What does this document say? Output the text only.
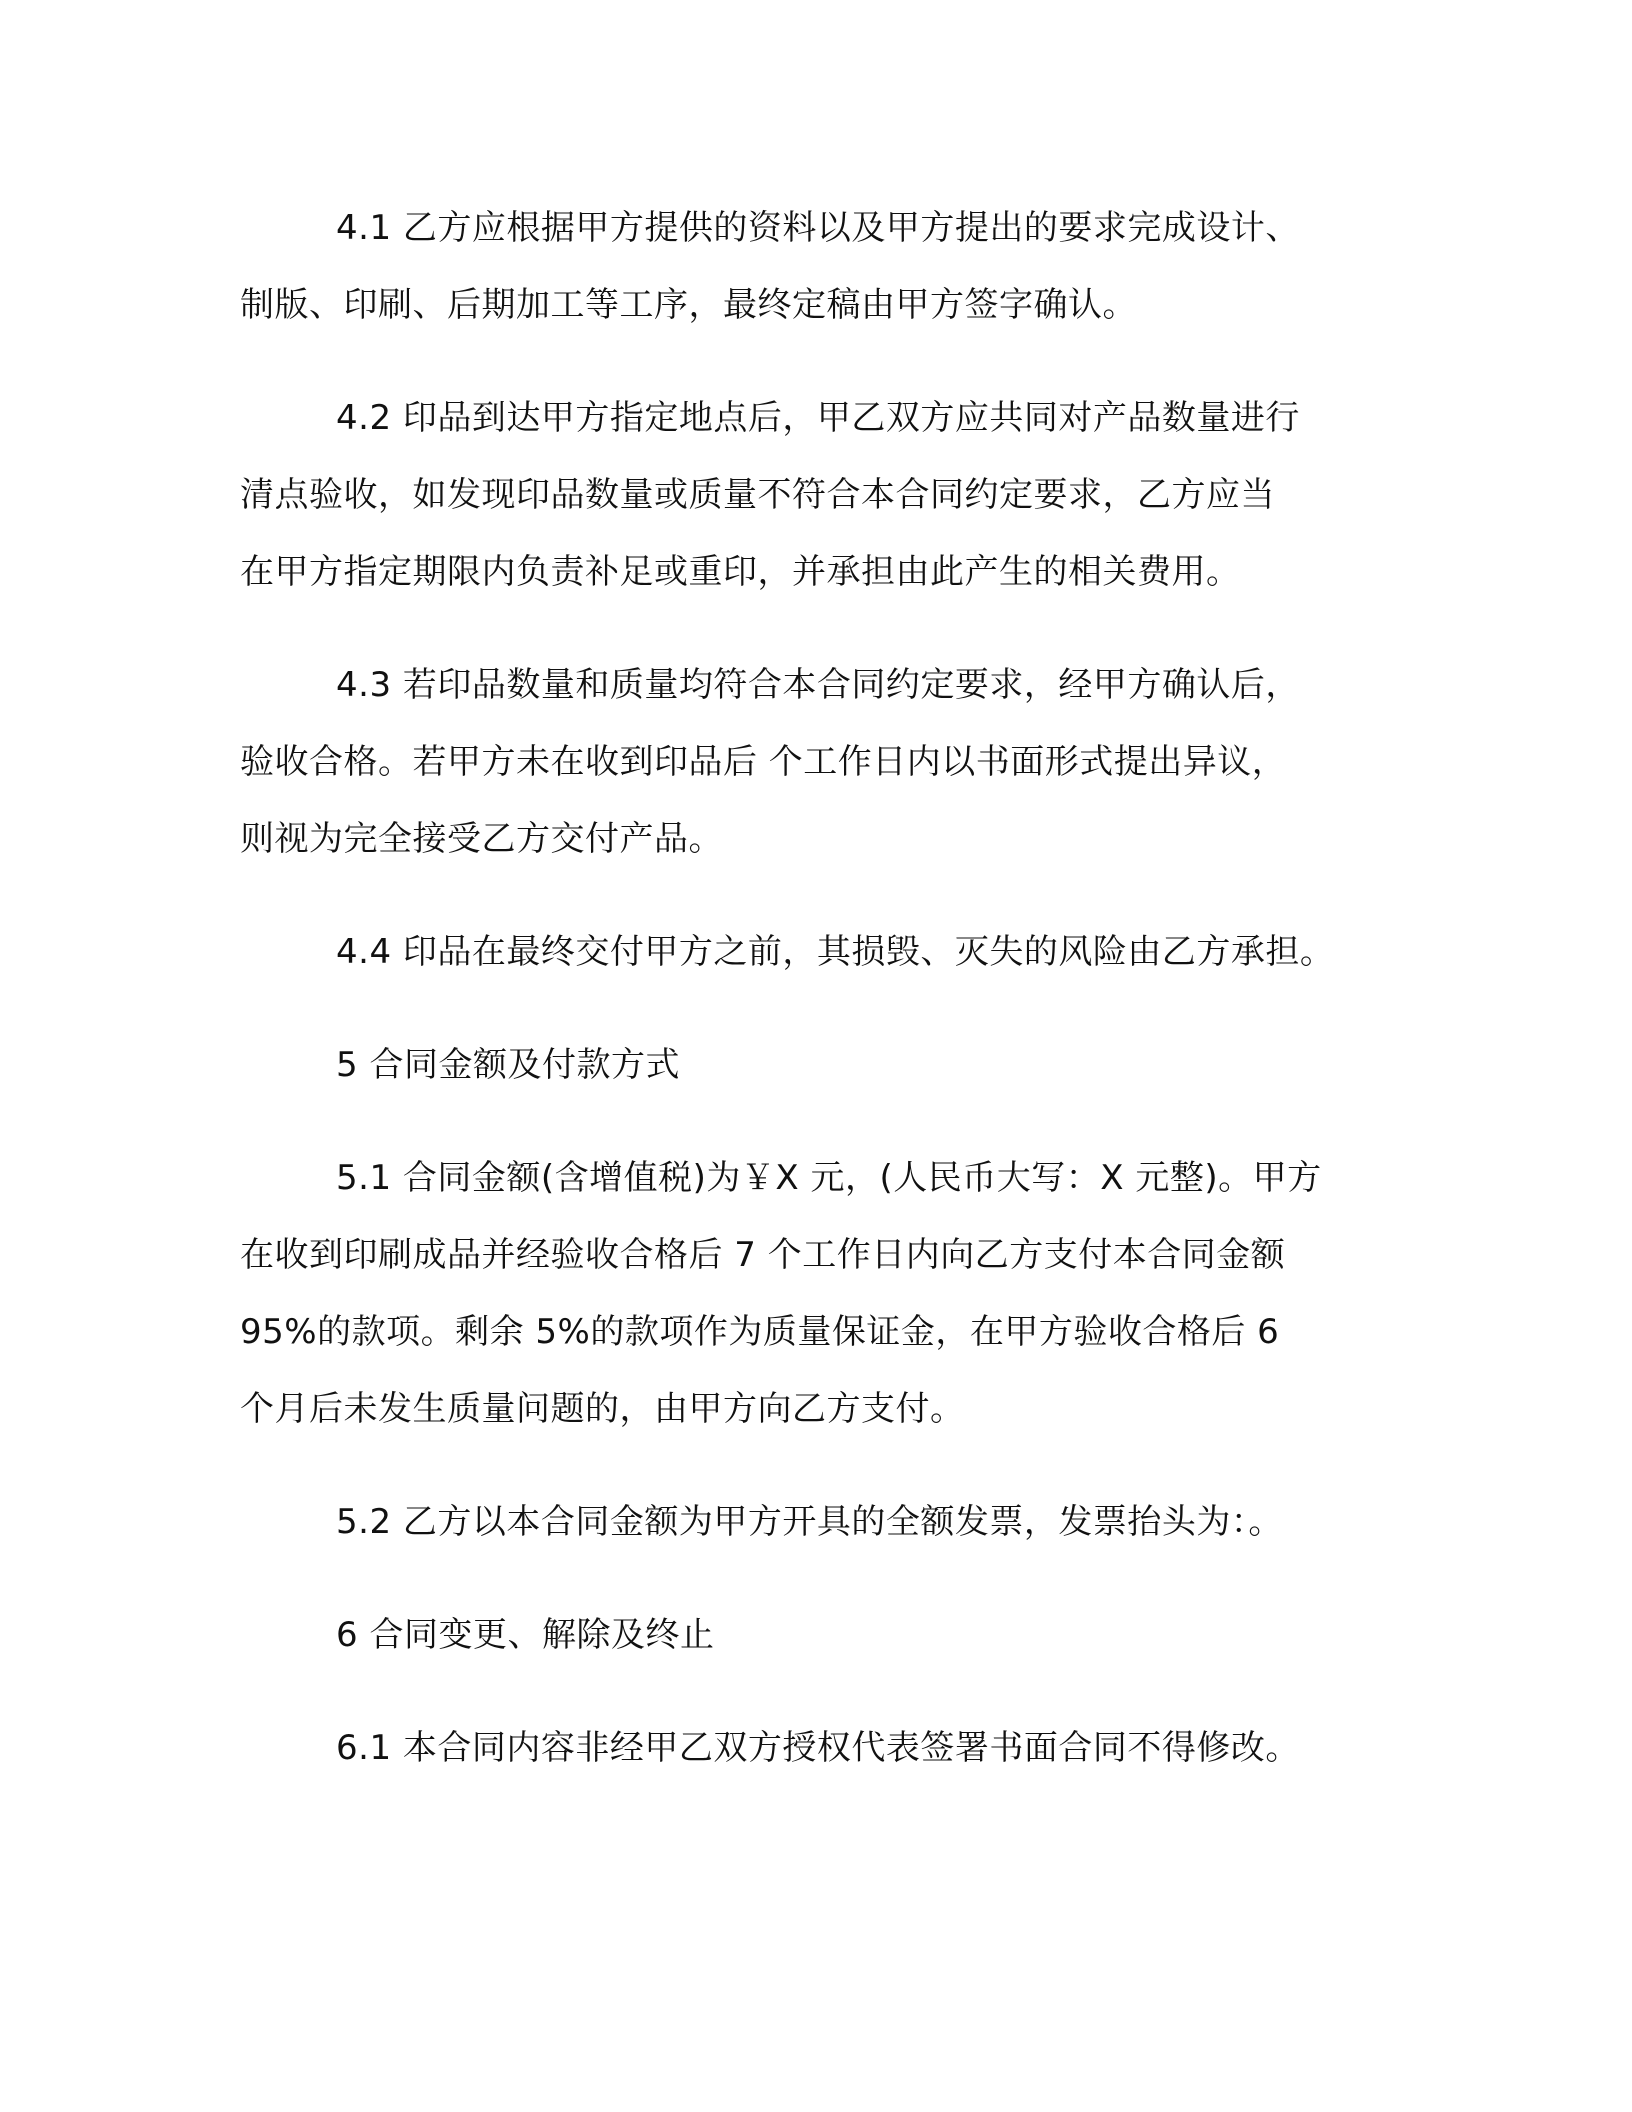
4.1 乙方应根据甲方提供的资料以及甲方提出的要求完成设计、
制版、印刷、后期加工等工序，最终定稿由甲方签字确认。

4.2 印品到达甲方指定地点后，甲乙双方应共同对产品数量进行
清点验收，如发现印品数量或质量不符合本合同约定要求，乙方应当
在甲方指定期限内负责补足或重印，并承担由此产生的相关费用。

4.3 若印品数量和质量均符合本合同约定要求，经甲方确认后，
验收合格。若甲方未在收到印品后 个工作日内以书面形式提出异议，
则视为完全接受乙方交付产品。

4.4 印品在最终交付甲方之前，其损毁、灭失的风险由乙方承担。

5 合同金额及付款方式

5.1 合同金额(含增值税)为￥X 元，(人民币大写：X 元整)。甲方
在收到印刷成品并经验收合格后 7 个工作日内向乙方支付本合同金额
95%的款项。剩余 5%的款项作为质量保证金，在甲方验收合格后 6
个月后未发生质量问题的，由甲方向乙方支付。

5.2 乙方以本合同金额为甲方开具的全额发票，发票抬头为：。

6 合同变更、解除及终止

6.1 本合同内容非经甲乙双方授权代表签署书面合同不得修改。
